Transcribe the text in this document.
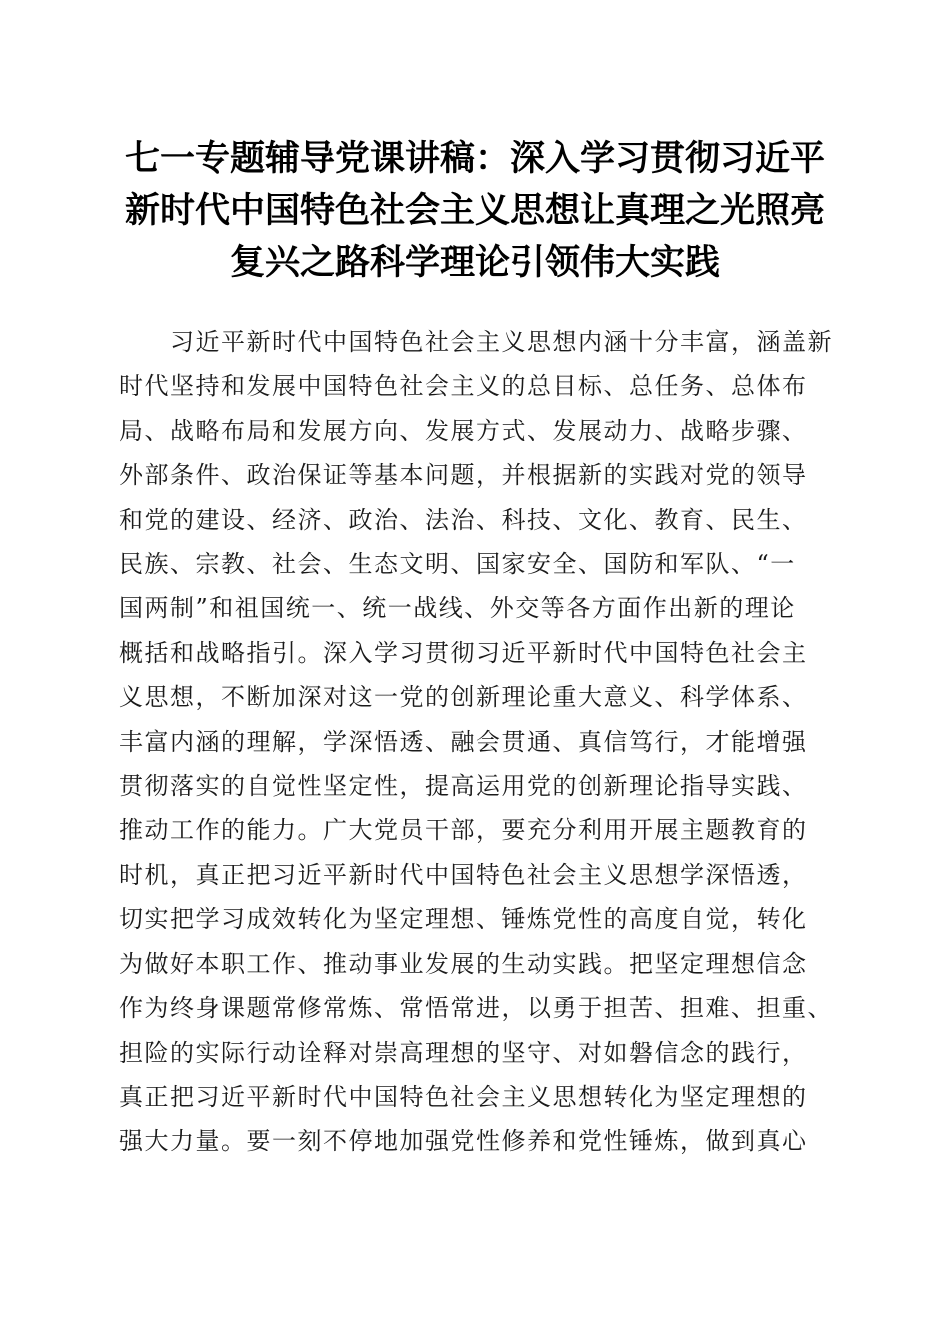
七一专题辅导党课讲稿：深入学习贯彻习近平
新时代中国特色社会主义思想让真理之光照亮
复兴之路科学理论引领伟大实践
　　习近平新时代中国特色社会主义思想内涵十分丰富，涵盖新
时代坚持和发展中国特色社会主义的总目标、总任务、总体布
局、战略布局和发展方向、发展方式、发展动力、战略步骤、
外部条件、政治保证等基本问题，并根据新的实践对党的领导
和党的建设、经济、政治、法治、科技、文化、教育、民生、
民族、宗教、社会、生态文明、国家安全、国防和军队、“一
国两制”和祖国统一、统一战线、外交等各方面作出新的理论
概括和战略指引。深入学习贯彻习近平新时代中国特色社会主
义思想，不断加深对这一党的创新理论重大意义、科学体系、
丰富内涵的理解，学深悟透、融会贯通、真信笃行，才能增强
贯彻落实的自觉性坚定性，提高运用党的创新理论指导实践、
推动工作的能力。广大党员干部，要充分利用开展主题教育的
时机，真正把习近平新时代中国特色社会主义思想学深悟透，
切实把学习成效转化为坚定理想、锤炼党性的高度自觉，转化
为做好本职工作、推动事业发展的生动实践。把坚定理想信念
作为终身课题常修常炼、常悟常进，以勇于担苦、担难、担重、
担险的实际行动诠释对崇高理想的坚守、对如磐信念的践行，
真正把习近平新时代中国特色社会主义思想转化为坚定理想的
强大力量。要一刻不停地加强党性修养和党性锤炼，做到真心
